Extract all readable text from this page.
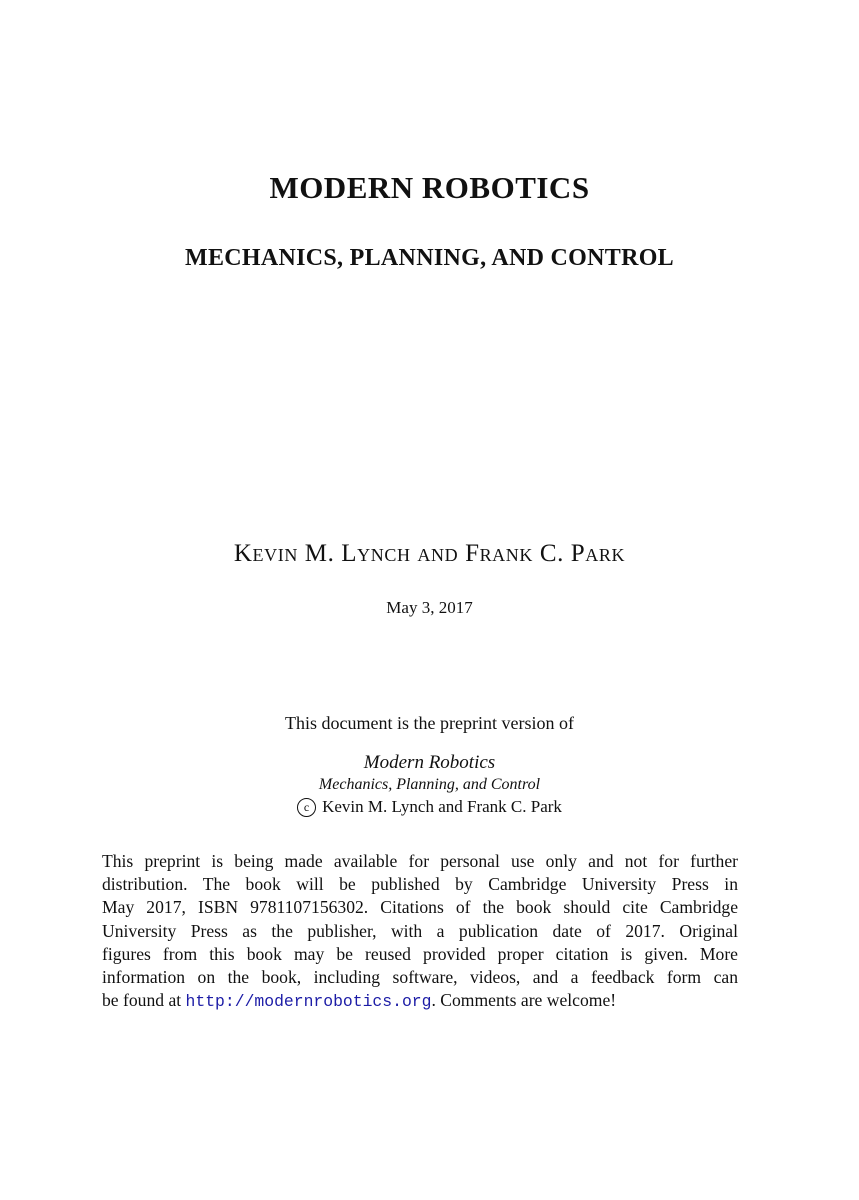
MODERN ROBOTICS
MECHANICS, PLANNING, AND CONTROL
Kevin M. Lynch and Frank C. Park
May 3, 2017
This document is the preprint version of
Modern Robotics
Mechanics, Planning, and Control
c Kevin M. Lynch and Frank C. Park
This preprint is being made available for personal use only and not for further
distribution. The book will be published by Cambridge University Press in
May 2017, ISBN 9781107156302. Citations of the book should cite Cambridge
University Press as the publisher, with a publication date of 2017. Original
figures from this book may be reused provided proper citation is given. More
information on the book, including software, videos, and a feedback form can
be found at http://modernrobotics.org. Comments are welcome!
